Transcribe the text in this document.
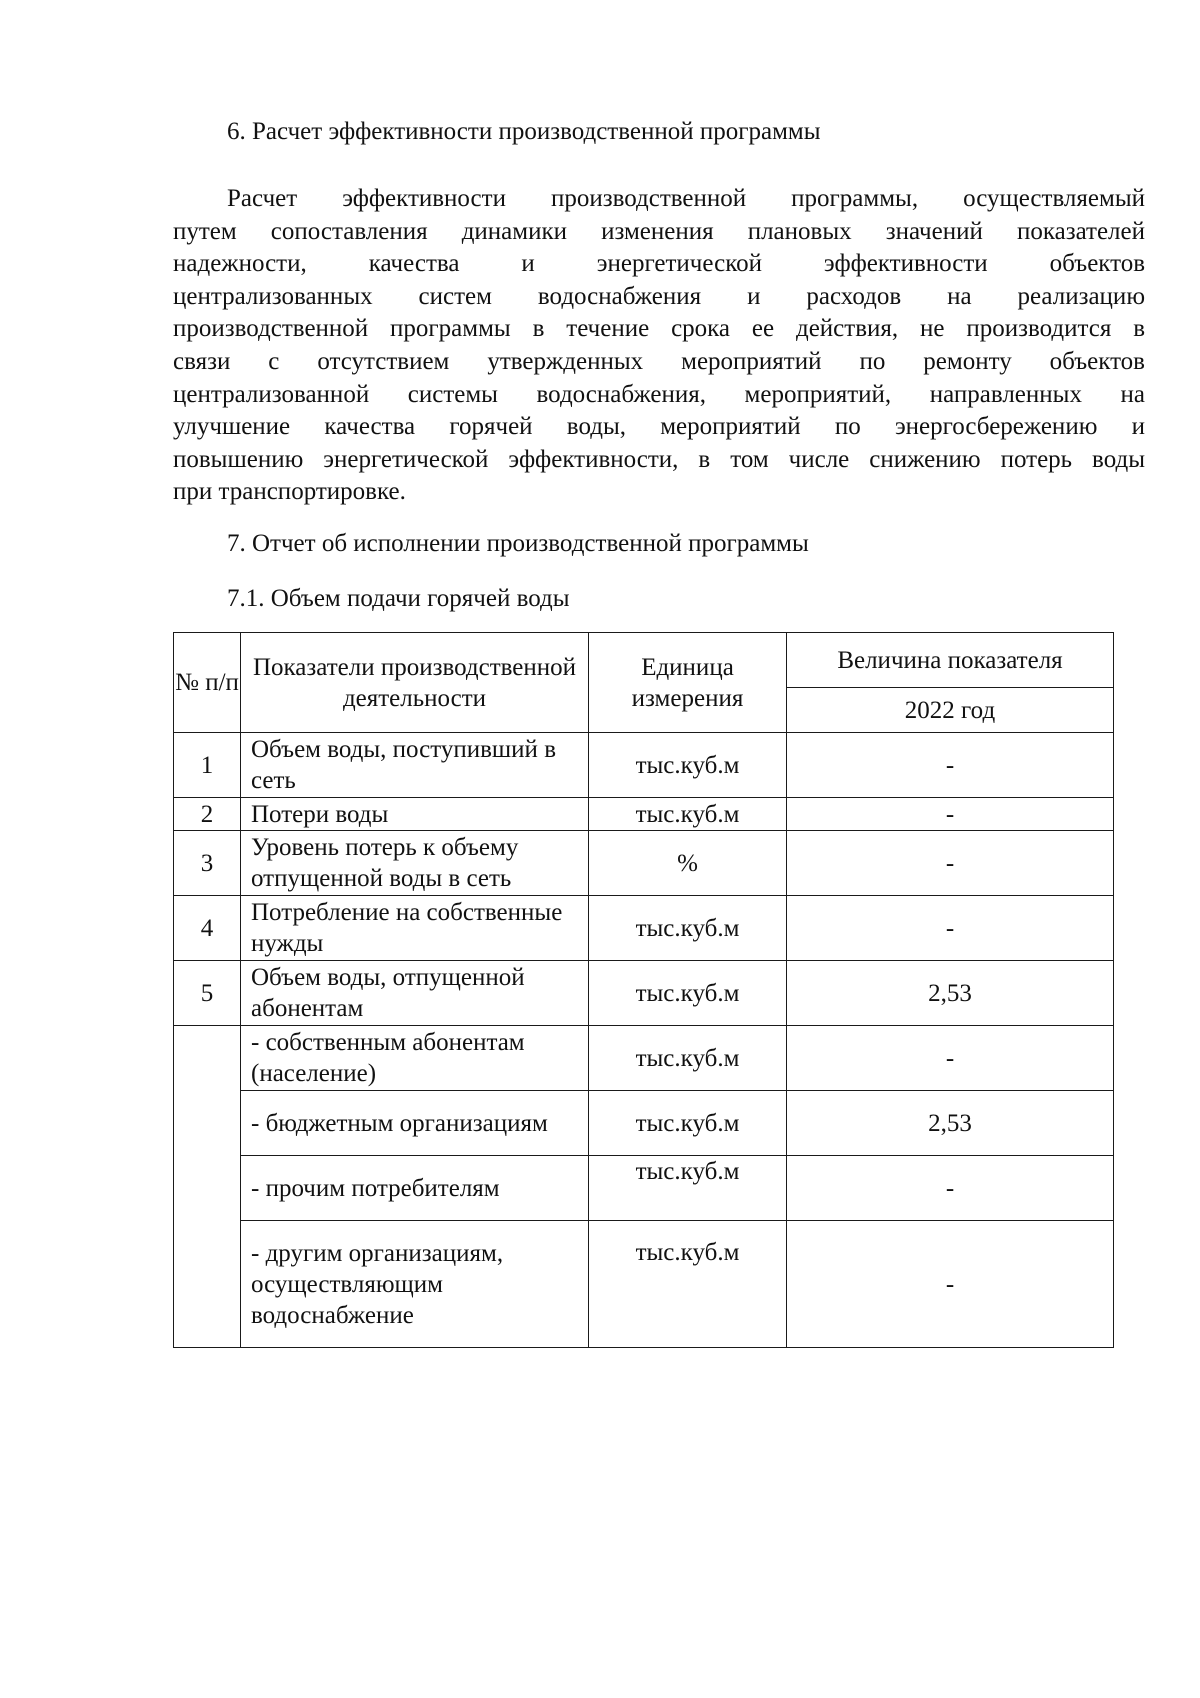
6. Расчет эффективности производственной программы
Расчет эффективности производственной программы, осуществляемый
путем сопоставления динамики изменения плановых значений показателей
надежности, качества и энергетической эффективности объектов
централизованных систем водоснабжения и расходов на реализацию
производственной программы в течение срока ее действия, не производится в
связи с отсутствием утвержденных мероприятий по ремонту объектов
централизованной системы водоснабжения, мероприятий, направленных на
улучшение качества горячей воды, мероприятий по энергосбережению и
повышению энергетической эффективности, в том числе снижению потерь воды
при транспортировке.
7. Отчет об исполнении производственной программы
7.1. Объем подачи горячей воды
№ п/п	Показатели производственной деятельности	Единица измерения	Величина показателя
			2022 год
1	Объем воды, поступивший в сеть	тыс.куб.м	-
2	Потери воды	тыс.куб.м	-
3	Уровень потерь к объему отпущенной воды в сеть	%	-
4	Потребление на собственные нужды	тыс.куб.м	-
5	Объем воды, отпущенной абонентам	тыс.куб.м	2,53
	- собственным абонентам (население)	тыс.куб.м	-
	- бюджетным организациям	тыс.куб.м	2,53
	- прочим потребителям	тыс.куб.м	-
	- другим организациям, осуществляющим водоснабжение	тыс.куб.м	-
